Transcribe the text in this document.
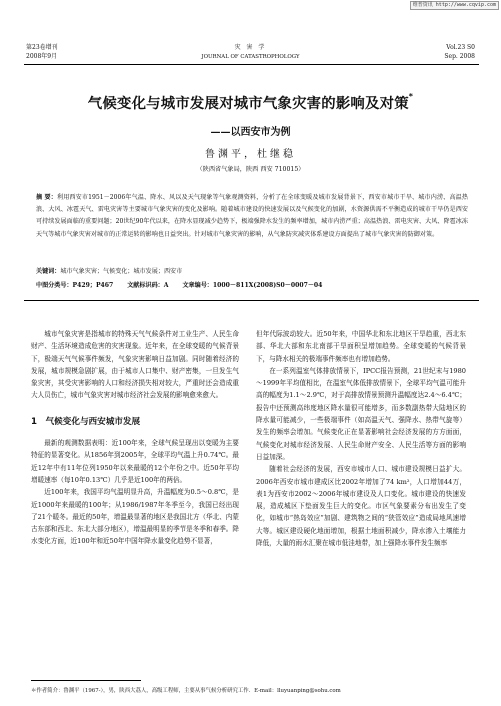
维普资讯 http://www.cqvip.com
第23卷增刊
2008年9月
灾 害 学
JOURNAL OF CATASTROPHOLOGY
Vol.23 S0
Sep. 2008
气候变化与城市发展对城市气象灾害的影响及对策*
——以西安市为例
鲁渊平，杜继稳
（陕西省气象局，陕西 西安 710015）
摘 要：利用西安市1951－2006年气温、降水、风以及天气现象等气象观测资料，分析了在全球变暖及城市发展背景下，西安市城市干旱、城市内涝、高温热浪、大风、冰雹天气、雷电灾害等主要城市气象灾害的变化及影响。随着城市建设的快速发展以及气候变化的加剧，水资源供需不平衡造成的城市干旱仍是西安可持续发展面临的重要问题；20世纪90年代以来，在降水显现减少趋势下，极端强降水发生的频率增加，城市内涝严重；高温热浪、雷电灾害、大风、降雹冰冻天气等城市气象灾害对城市的正常运转的影响也日益突出。针对城市气象灾害的影响，从气象防灾减灾体系建设方面提出了城市气象灾害的防御对策。
关键词：城市气象灾害；气候变化；城市发展；西安市
中图分类号：P429；P467 文献标识码：A 文章编号：1000－811X(2008)S0－0007－04

城市气象灾害是指城市的特殊天气气候条件对工业生产、人民生命财产、生活环境造成危害的灾害现象。近年来，在全球变暖的气候背景下，极端天气气候事件频发，气象灾害影响日益加剧。同时随着经济的发展，城市规模急剧扩展，由于城市人口集中、财产密集，一旦发生气象灾害，其受灾害影响的人口和经济损失相对较大，严重时还会造成重大人员伤亡，城市气象灾害对城市经济社会发展的影响愈来愈大。

1　气候变化与西安城市发展

最新的观测数据表明：近100年来，全球气候呈现出以变暖为主要特征的显著变化。从1856年到2005年，全球平均气温上升0.74℃。最近12年中有11年位列1950年以来最暖的12个年份之中。近50年平均增暖速率（每10年0.13℃）几乎是近100年的两倍。

近100年来，我国平均气温明显升高，升温幅度为0.5～0.8℃，是近1000年来最暖的100年；从1986/1987年冬季至今，我国已经出现了21个暖冬。最近的50年，增温最显著的地区是我国北方（华北、内蒙古东部和西北、东北大部分地区），增温最明显的季节是冬季和春季。降水变化方面，近100年和近50年中国年降水量变化趋势不显著，

但年代际波动较大。近50年来，中国华北和东北地区干旱趋重，西北东部、华北大部和东北南部干旱面积呈增加趋势。全球变暖的气候背景下，与降水相关的极端事件频率也有增加趋势。

在一系列温室气体排放情景下，IPCC报告预测，21世纪末与1980～1999年平均值相比，在温室气体低排放情景下，全球平均气温可能升高的幅度为1.1～2.9℃，对于高排放情景预测升温幅度达2.4～6.4℃；报告中还预测高纬度地区降水量很可能增多，而多数副热带大陆地区的降水量可能减少，一些极端事件（如高温天气、强降水、热带气旋等）发生的频率会增加。气候变化正在显著影响社会经济发展的方方面面，气候变化对城市经济发展、人民生命财产安全、人民生活等方面的影响日益加深。

随着社会经济的发展，西安市城市人口、城市建设规模日益扩大。2006年西安市城市建成区比2002年增加了74 km²，人口增加44万，表1为西安市2002～2006年城市建设及人口变化。城市建设的快速发展，造成城区下垫面发生巨大的变化。市区气象要素分布出发生了变化，如城市“热岛效应”加剧、建筑物之间的“狭管效应”造成局地风速增大等。城区建设硬化地面增加，根据土地面积减少，降水渗入土壤能力降低，大量的雨水汇聚在城市低洼地带，加上强降水事件发生频率

＊作者简介：鲁渊平（1967-），男，陕西大荔人，高级工程师，主要从事气候分析研究工作．E-mail：lluyuanping@sohu.com
